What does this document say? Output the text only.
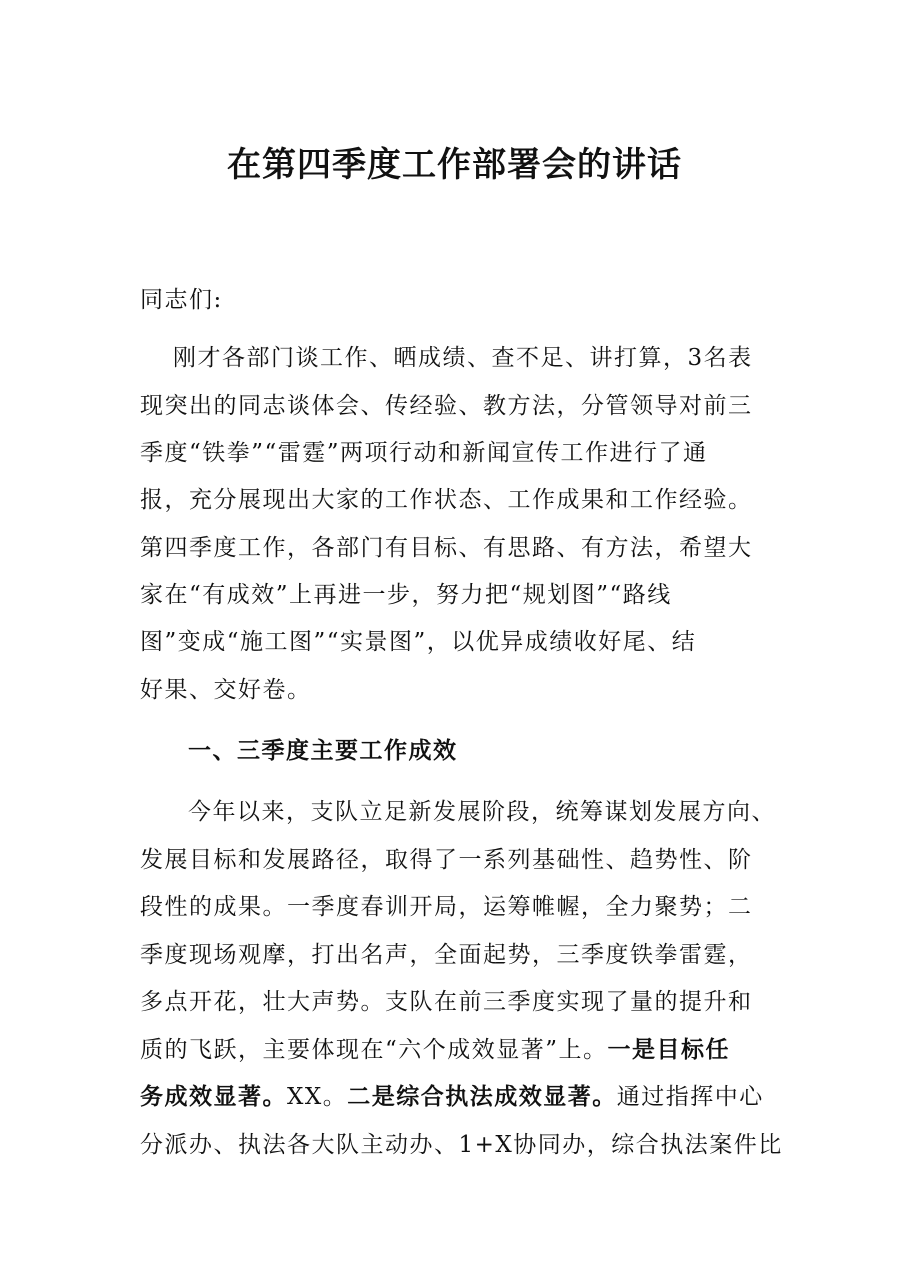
在第四季度工作部署会的讲话
同志们:
刚才各部门谈工作、晒成绩、查不足、讲打算，3名表
现突出的同志谈体会、传经验、教方法，分管领导对前三
季度“铁拳”“雷霆”两项行动和新闻宣传工作进行了通
报，充分展现出大家的工作状态、工作成果和工作经验。
第四季度工作，各部门有目标、有思路、有方法，希望大
家在“有成效”上再进一步，努力把“规划图”“路线
图”变成“施工图”“实景图”，以优异成绩收好尾、结
好果、交好卷。
一、三季度主要工作成效
今年以来，支队立足新发展阶段，统筹谋划发展方向、
发展目标和发展路径，取得了一系列基础性、趋势性、阶
段性的成果。一季度春训开局，运筹帷幄，全力聚势；二
季度现场观摩，打出名声，全面起势，三季度铁拳雷霆，
多点开花，壮大声势。支队在前三季度实现了量的提升和
质的飞跃，主要体现在“六个成效显著”上。一是目标任
务成效显著。XX。二是综合执法成效显著。通过指挥中心
分派办、执法各大队主动办、1+X协同办，综合执法案件比
